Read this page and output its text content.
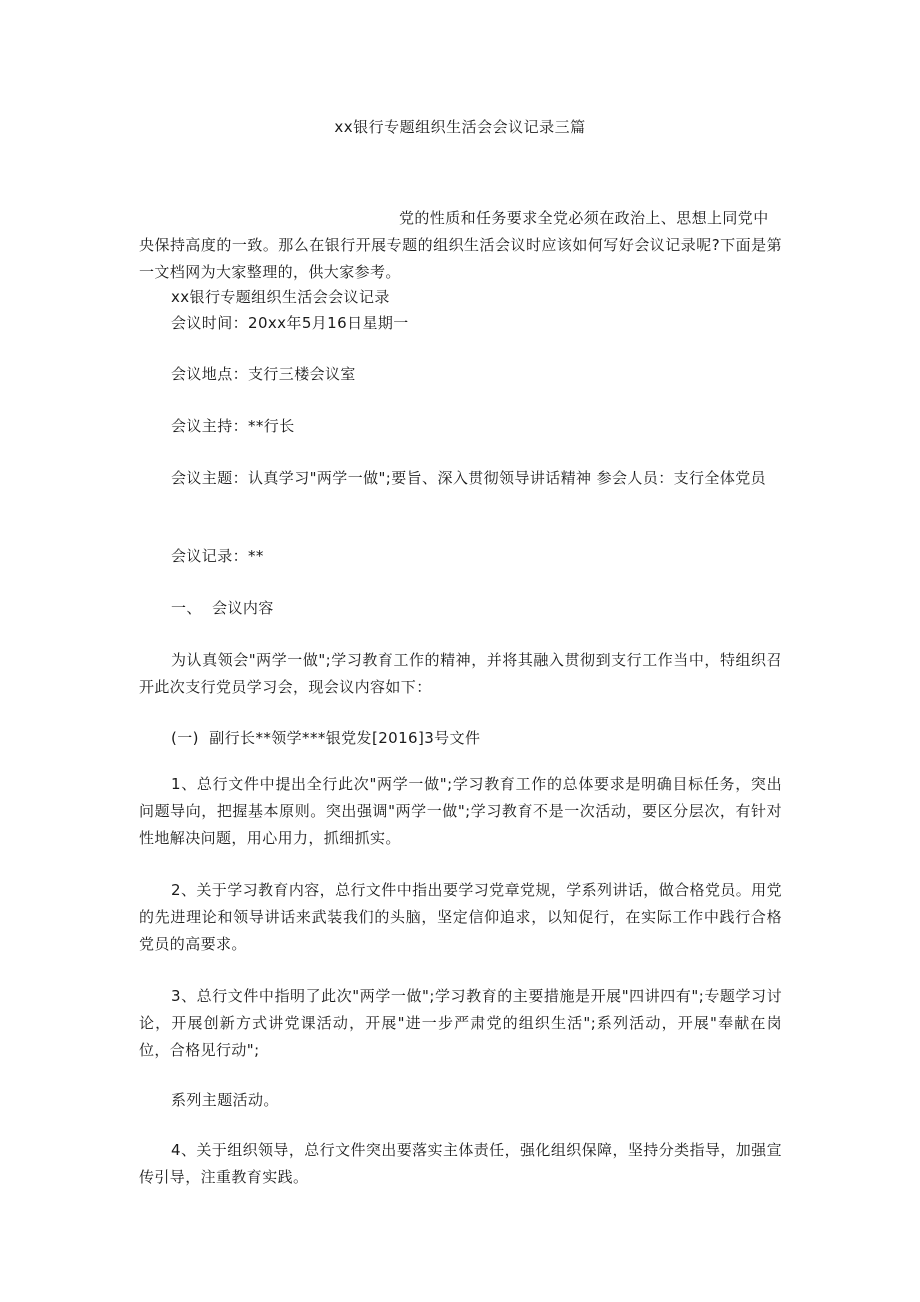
xx银行专题组织生活会会议记录三篇

党的性质和任务要求全党必须在政治上、思想上同党中

央保持高度的一致。那么在银行开展专题的组织生活会议时应该如何写好会议记录呢?下面是第一文档网为大家整理的，供大家参考。

xx银行专题组织生活会会议记录

会议时间：20xx年5月16日星期一

会议地点：支行三楼会议室

会议主持：**行长

会议主题：认真学习"两学一做";要旨、深入贯彻领导讲话精神 参会人员：支行全体党员

会议记录：**

一、  会议内容

为认真领会"两学一做";学习教育工作的精神，并将其融入贯彻到支行工作当中，特组织召开此次支行党员学习会，现会议内容如下：

(一)  副行长**领学***银党发[2016]3号文件

1、总行文件中提出全行此次"两学一做";学习教育工作的总体要求是明确目标任务，突出问题导向，把握基本原则。突出强调"两学一做";学习教育不是一次活动，要区分层次，有针对性地解决问题，用心用力，抓细抓实。

2、关于学习教育内容，总行文件中指出要学习党章党规，学系列讲话，做合格党员。用党的先进理论和领导讲话来武装我们的头脑，坚定信仰追求，以知促行，在实际工作中践行合格党员的高要求。

3、总行文件中指明了此次"两学一做";学习教育的主要措施是开展"四讲四有";专题学习讨论，开展创新方式讲党课活动，开展"进一步严肃党的组织生活";系列活动，开展"奉献在岗位，合格见行动";

系列主题活动。

4、关于组织领导，总行文件突出要落实主体责任，强化组织保障，坚持分类指导，加强宣传引导，注重教育实践。
